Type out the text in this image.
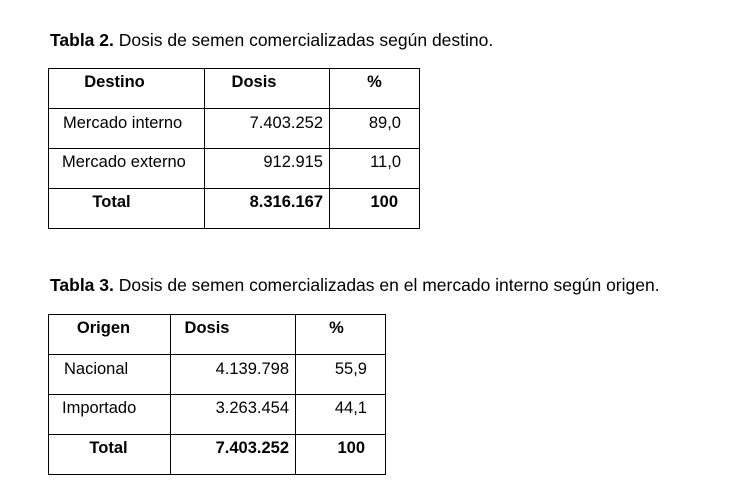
Tabla 2. Dosis de semen comercializadas según destino.
Destino	Dosis	%

Mercado interno	7.403.252	89,0

Mercado externo	912.915	11,0

Total	8.316.167	100
Tabla 3. Dosis de semen comercializadas en el mercado interno según origen.
Origen	Dosis	%

Nacional	4.139.798	55,9

Importado	3.263.454	44,1

Total	7.403.252	100
